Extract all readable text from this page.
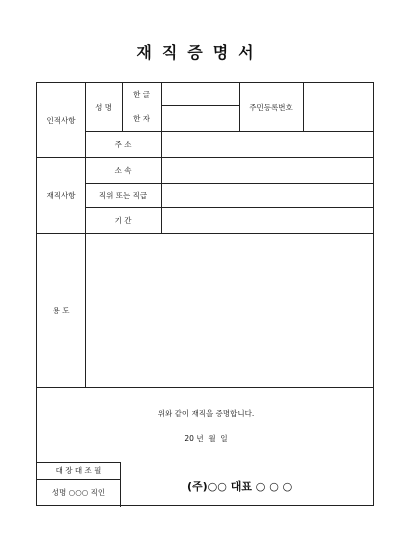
재직증명서
인적사항
성 명
한 글
한 자
주민등록번호
주 소
재직사항
소 속
직위 또는 직급
기 간
용 도
위와 같이 재직을 증명합니다.
20 년  월  일
대 장 대 조 필
성명 ○○○ 직인	(주)○○ 대표 ○ ○ ○
